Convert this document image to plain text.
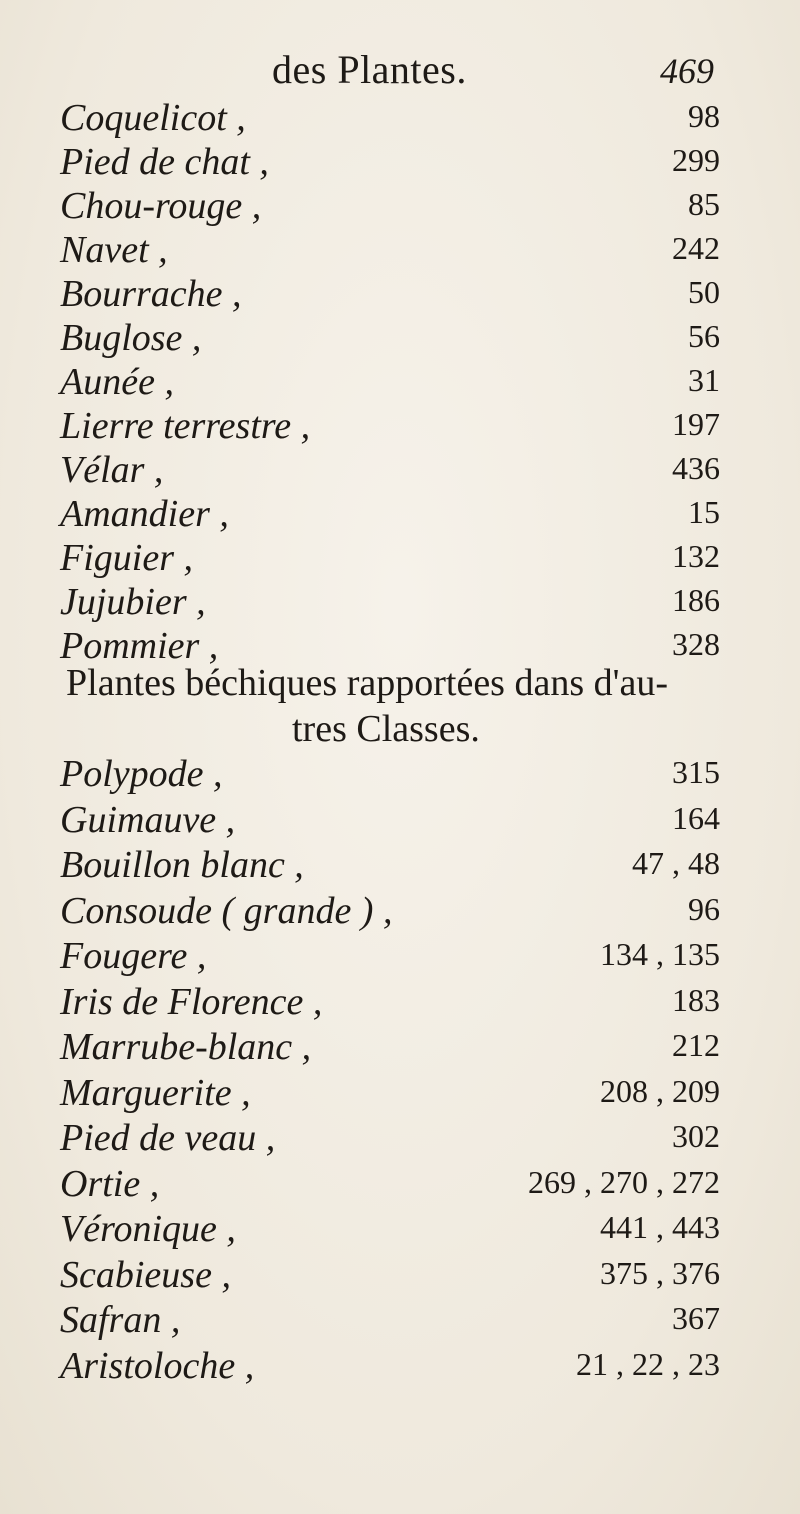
des Plantes.	469
Coquelicot ,	98
Pied de chat ,	299
Chou-rouge ,	85
Navet ,	242
Bourrache ,	50
Buglose ,	56
Aunée ,	31
Lierre terrestre ,	197
Vélar ,	436
Amandier ,	15
Figuier ,	132
Jujubier ,	186
Pommier ,	328
Plantes béchiques rapportées dans d'au-
tres Classes.
Polypode ,	315
Guimauve ,	164
Bouillon blanc ,	47 , 48
Consoude ( grande ) ,	96
Fougere ,	134 , 135
Iris de Florence ,	183
Marrube-blanc ,	212
Marguerite ,	208 , 209
Pied de veau ,	302
Ortie ,	269 , 270 , 272
Véronique ,	441 , 443
Scabieuse ,	375 , 376
Safran ,	367
Aristoloche ,	21 , 22 , 23
